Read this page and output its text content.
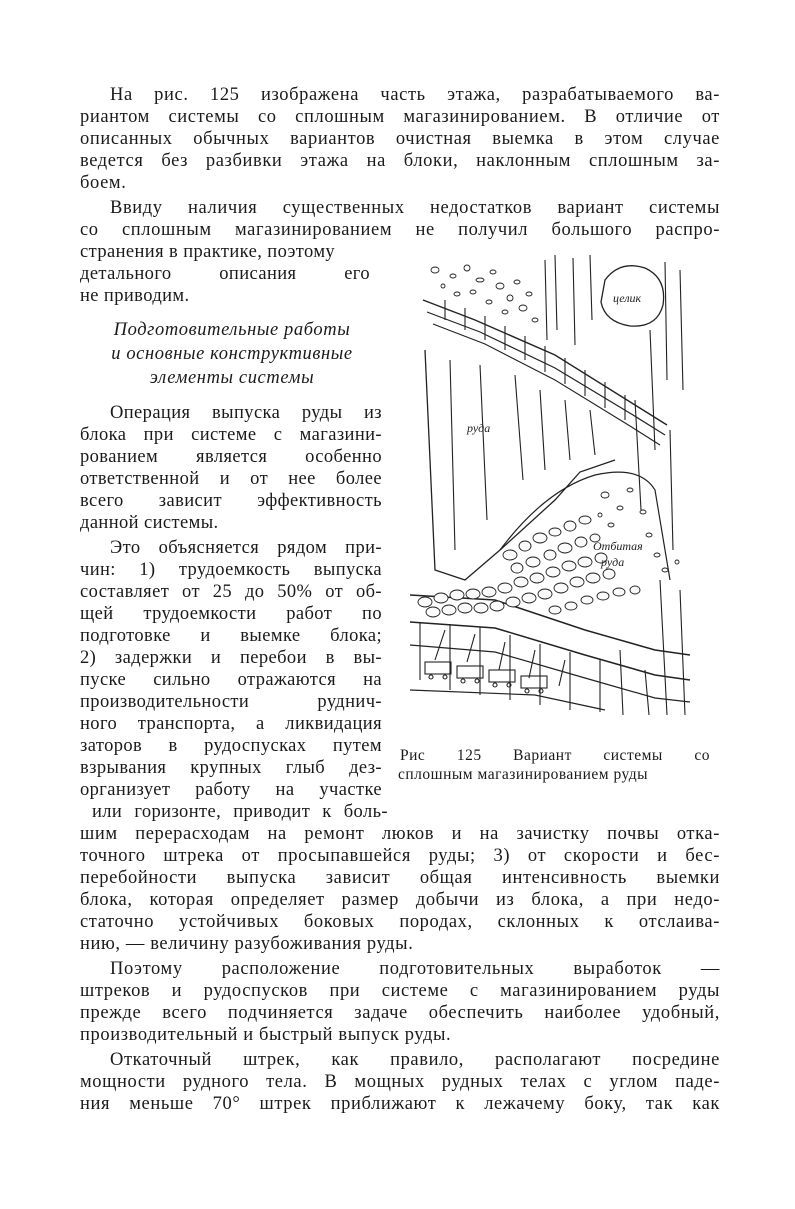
На рис. 125 изображена часть этажа, разрабатываемого ва-
риантом системы со сплошным магазинированием. В отличие от
описанных обычных вариантов очистная выемка в этом случае
ведется без разбивки этажа на блоки, наклонным сплошным за-
боем.
Ввиду наличия существенных недостатков вариант системы
со сплошным магазинированием не получил большого распро-
странения в практике, поэтому
детального описания его
не приводим.
Подготовительные работы
и основные конструктивные
элементы системы
Операция выпуска руды из
блока при системе с магазини-
рованием является особенно
ответственной и от нее более
всего зависит эффективность
данной системы.
Это объясняется рядом при-
чин: 1) трудоемкость выпуска
составляет от 25 до 50% от об-
щей трудоемкости работ по
подготовке и выемке блока;
2) задержки и перебои в вы-
пуске сильно отражаются на
производительности руднич-
ного транспорта, а ликвидация
заторов в рудоспусках путем
взрывания крупных глыб дез-
организует работу на участке
или горизонте, приводит к боль-
шим перерасходам на ремонт люков и на зачистку почвы отка-
точного штрека от просыпавшейся руды; 3) от скорости и бес-
перебойности выпуска зависит общая интенсивность выемки
блока, которая определяет размер добычи из блока, а при недо-
статочно устойчивых боковых породах, склонных к отслаива-
нию, — величину разубоживания руды.
Поэтому расположение подготовительных выработок —
штреков и рудоспусков при системе с магазинированием руды
прежде всего подчиняется задаче обеспечить наиболее удобный,
производительный и быстрый выпуск руды.
Откаточный штрек, как правило, располагают посредине
мощности рудного тела. В мощных рудных телах с углом паде-
ния меньше 70° штрек приближают к лежачему боку, так как
целик
руда
Отбитая
руда
Рис 125 Вариант системы со
сплошным магазинированием руды
